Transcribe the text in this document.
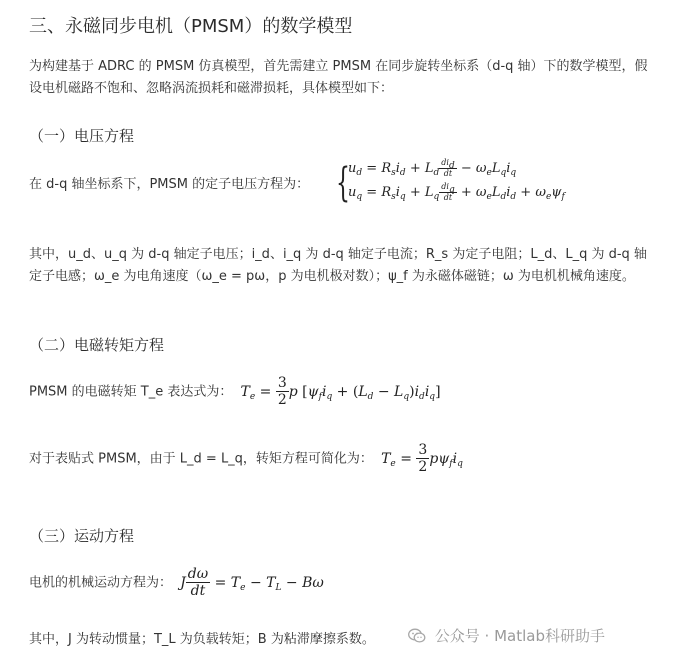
三、永磁同步电机（PMSM）的数学模型
为构建基于 ADRC 的 PMSM 仿真模型，首先需建立 PMSM 在同步旋转坐标系（d-q 轴）下的数学模型，假设电机磁路不饱和、忽略涡流损耗和磁滞损耗，具体模型如下：
（一）电压方程
在 d-q 轴坐标系下，PMSM 的定子电压方程为： {
$u_d = R_si_d + L_d \frac{di_d}{dt} - \omega_eL_qi_q$
$u_q = R_si_q + L_q \frac{di_q}{dt} + \omega_eL_di_d + \omega_e\psi_f$
其中，u_d、u_q 为 d-q 轴定子电压；i_d、i_q 为 d-q 轴定子电流；R_s 为定子电阻；L_d、L_q 为 d-q 轴定子电感；ω_e 为电角速度（ω_e = pω，p 为电机极对数）；ψ_f 为永磁体磁链；ω 为电机机械角速度。
（二）电磁转矩方程
PMSM 的电磁转矩 T_e 表达式为： $T_e = \frac{3}{2}$ p $[\psi_fi_q + (L_d - L_q)i_di_q]$
对于表贴式 PMSM，由于 L_d = L_q，转矩方程可简化为： $T_e = \frac{3}{2} p\psi_fi_q$
（三）运动方程
电机的机械运动方程为： J $\frac{d\omega}{dt} = T_e - T_L - B\omega$
其中，J 为转动惯量；T_L 为负载转矩；B 为粘滞摩擦系数。	公众号 · Matlab科研助手
